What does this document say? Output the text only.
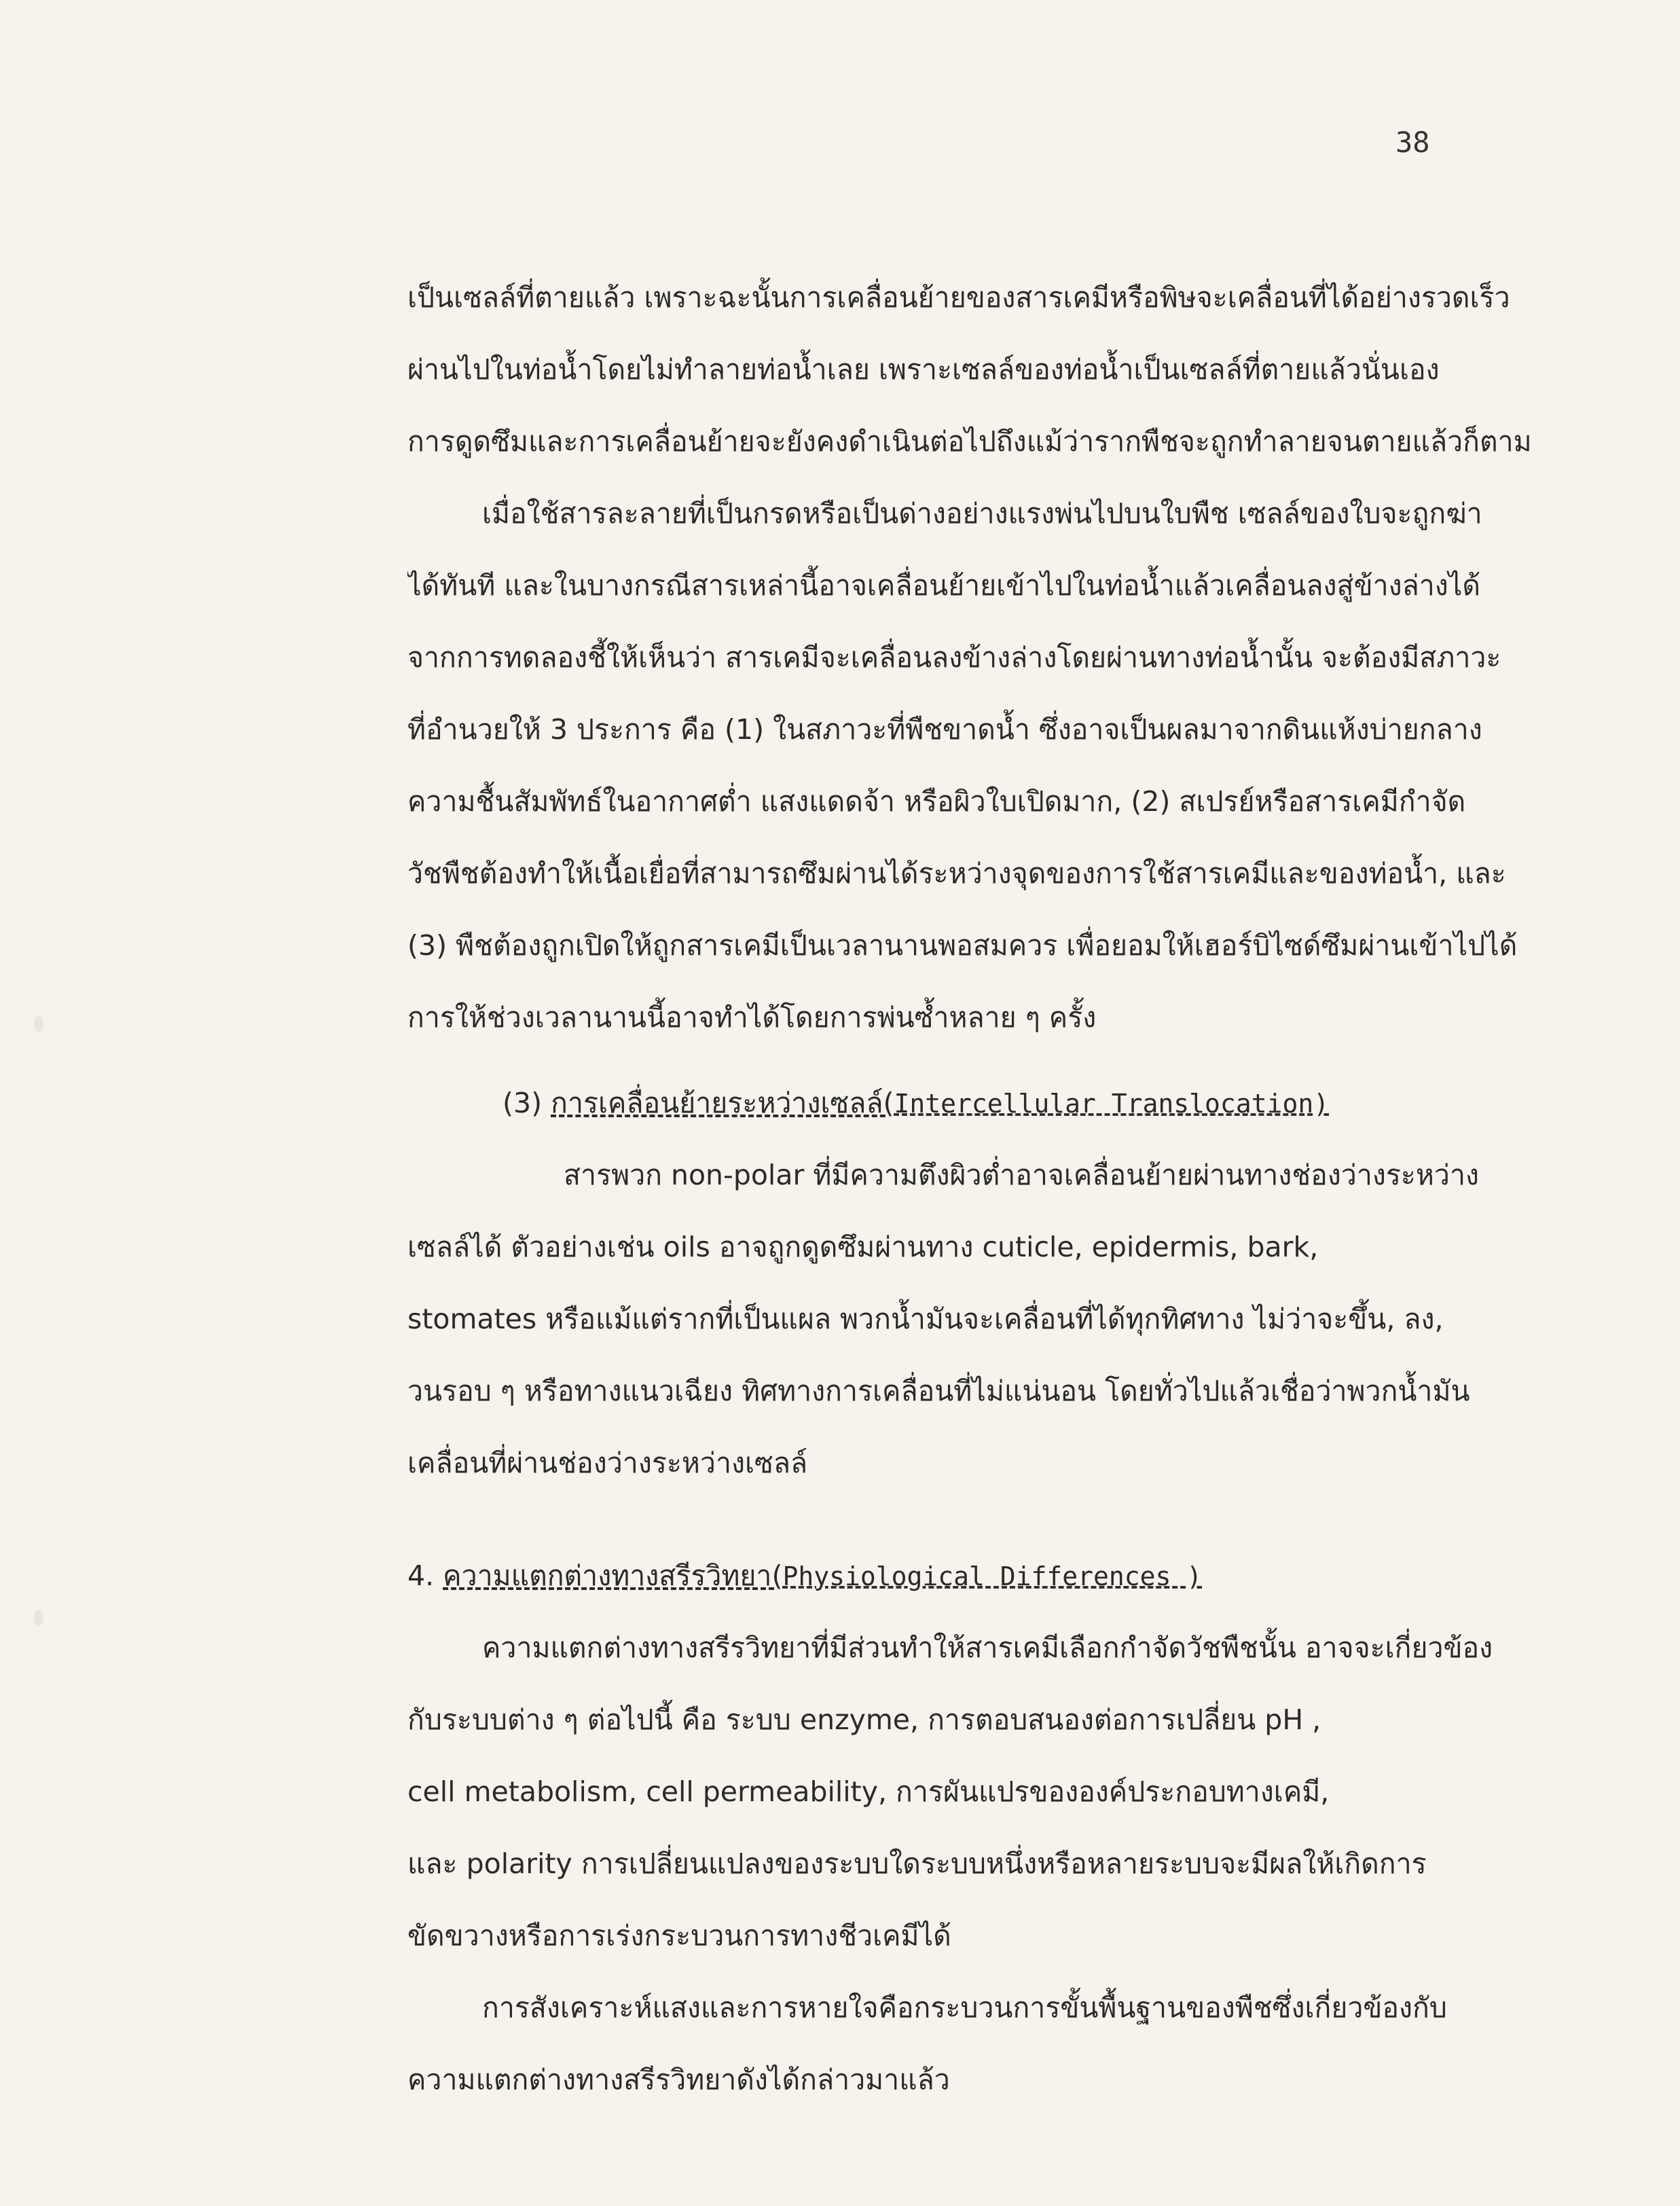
38
เป็นเซลล์ที่ตายแล้ว เพราะฉะนั้นการเคลื่อนย้ายของสารเคมีหรือพิษจะเคลื่อนที่ได้อย่างรวดเร็ว
ผ่านไปในท่อน้ำโดยไม่ทำลายท่อน้ำเลย เพราะเซลล์ของท่อน้ำเป็นเซลล์ที่ตายแล้วนั่นเอง
การดูดซึมและการเคลื่อนย้ายจะยังคงดำเนินต่อไปถึงแม้ว่ารากพืชจะถูกทำลายจนตายแล้วก็ตาม
เมื่อใช้สารละลายที่เป็นกรดหรือเป็นด่างอย่างแรงพ่นไปบนใบพืช เซลล์ของใบจะถูกฆ่า
ได้ทันที และในบางกรณีสารเหล่านี้อาจเคลื่อนย้ายเข้าไปในท่อน้ำแล้วเคลื่อนลงสู่ข้างล่างได้
จากการทดลองชี้ให้เห็นว่า สารเคมีจะเคลื่อนลงข้างล่างโดยผ่านทางท่อน้ำนั้น จะต้องมีสภาวะ
ที่อำนวยให้ 3 ประการ คือ (1) ในสภาวะที่พืชขาดน้ำ ซึ่งอาจเป็นผลมาจากดินแห้งบ่ายกลาง
ความชื้นสัมพัทธ์ในอากาศต่ำ แสงแดดจ้า หรือผิวใบเปิดมาก, (2) สเปรย์หรือสารเคมีกำจัด
วัชพืชต้องทำให้เนื้อเยื่อที่สามารถซึมผ่านได้ระหว่างจุดของการใช้สารเคมีและของท่อน้ำ, และ
(3) พืชต้องถูกเปิดให้ถูกสารเคมีเป็นเวลานานพอสมควร เพื่อยอมให้เฮอร์บิไซด์ซึมผ่านเข้าไปได้
การให้ช่วงเวลานานนี้อาจทำได้โดยการพ่นซ้ำหลาย ๆ ครั้ง
(3) การเคลื่อนย้ายระหว่างเซลล์(Intercellular Translocation)
สารพวก non-polar ที่มีความตึงผิวต่ำอาจเคลื่อนย้ายผ่านทางช่องว่างระหว่าง
เซลล์ได้ ตัวอย่างเช่น oils อาจถูกดูดซึมผ่านทาง cuticle, epidermis, bark,
stomates หรือแม้แต่รากที่เป็นแผล พวกน้ำมันจะเคลื่อนที่ได้ทุกทิศทาง ไม่ว่าจะขึ้น, ลง,
วนรอบ ๆ หรือทางแนวเฉียง ทิศทางการเคลื่อนที่ไม่แน่นอน โดยทั่วไปแล้วเชื่อว่าพวกน้ำมัน
เคลื่อนที่ผ่านช่องว่างระหว่างเซลล์
4. ความแตกต่างทางสรีรวิทยา(Physiological Differences )
ความแตกต่างทางสรีรวิทยาที่มีส่วนทำให้สารเคมีเลือกกำจัดวัชพืชนั้น อาจจะเกี่ยวข้อง
กับระบบต่าง ๆ ต่อไปนี้ คือ ระบบ enzyme, การตอบสนองต่อการเปลี่ยน pH ,
cell metabolism, cell permeability, การผันแปรขององค์ประกอบทางเคมี,
และ polarity การเปลี่ยนแปลงของระบบใดระบบหนึ่งหรือหลายระบบจะมีผลให้เกิดการ
ขัดขวางหรือการเร่งกระบวนการทางชีวเคมีได้
การสังเคราะห์แสงและการหายใจคือกระบวนการขั้นพื้นฐานของพืชซึ่งเกี่ยวข้องกับ
ความแตกต่างทางสรีรวิทยาดังได้กล่าวมาแล้ว
